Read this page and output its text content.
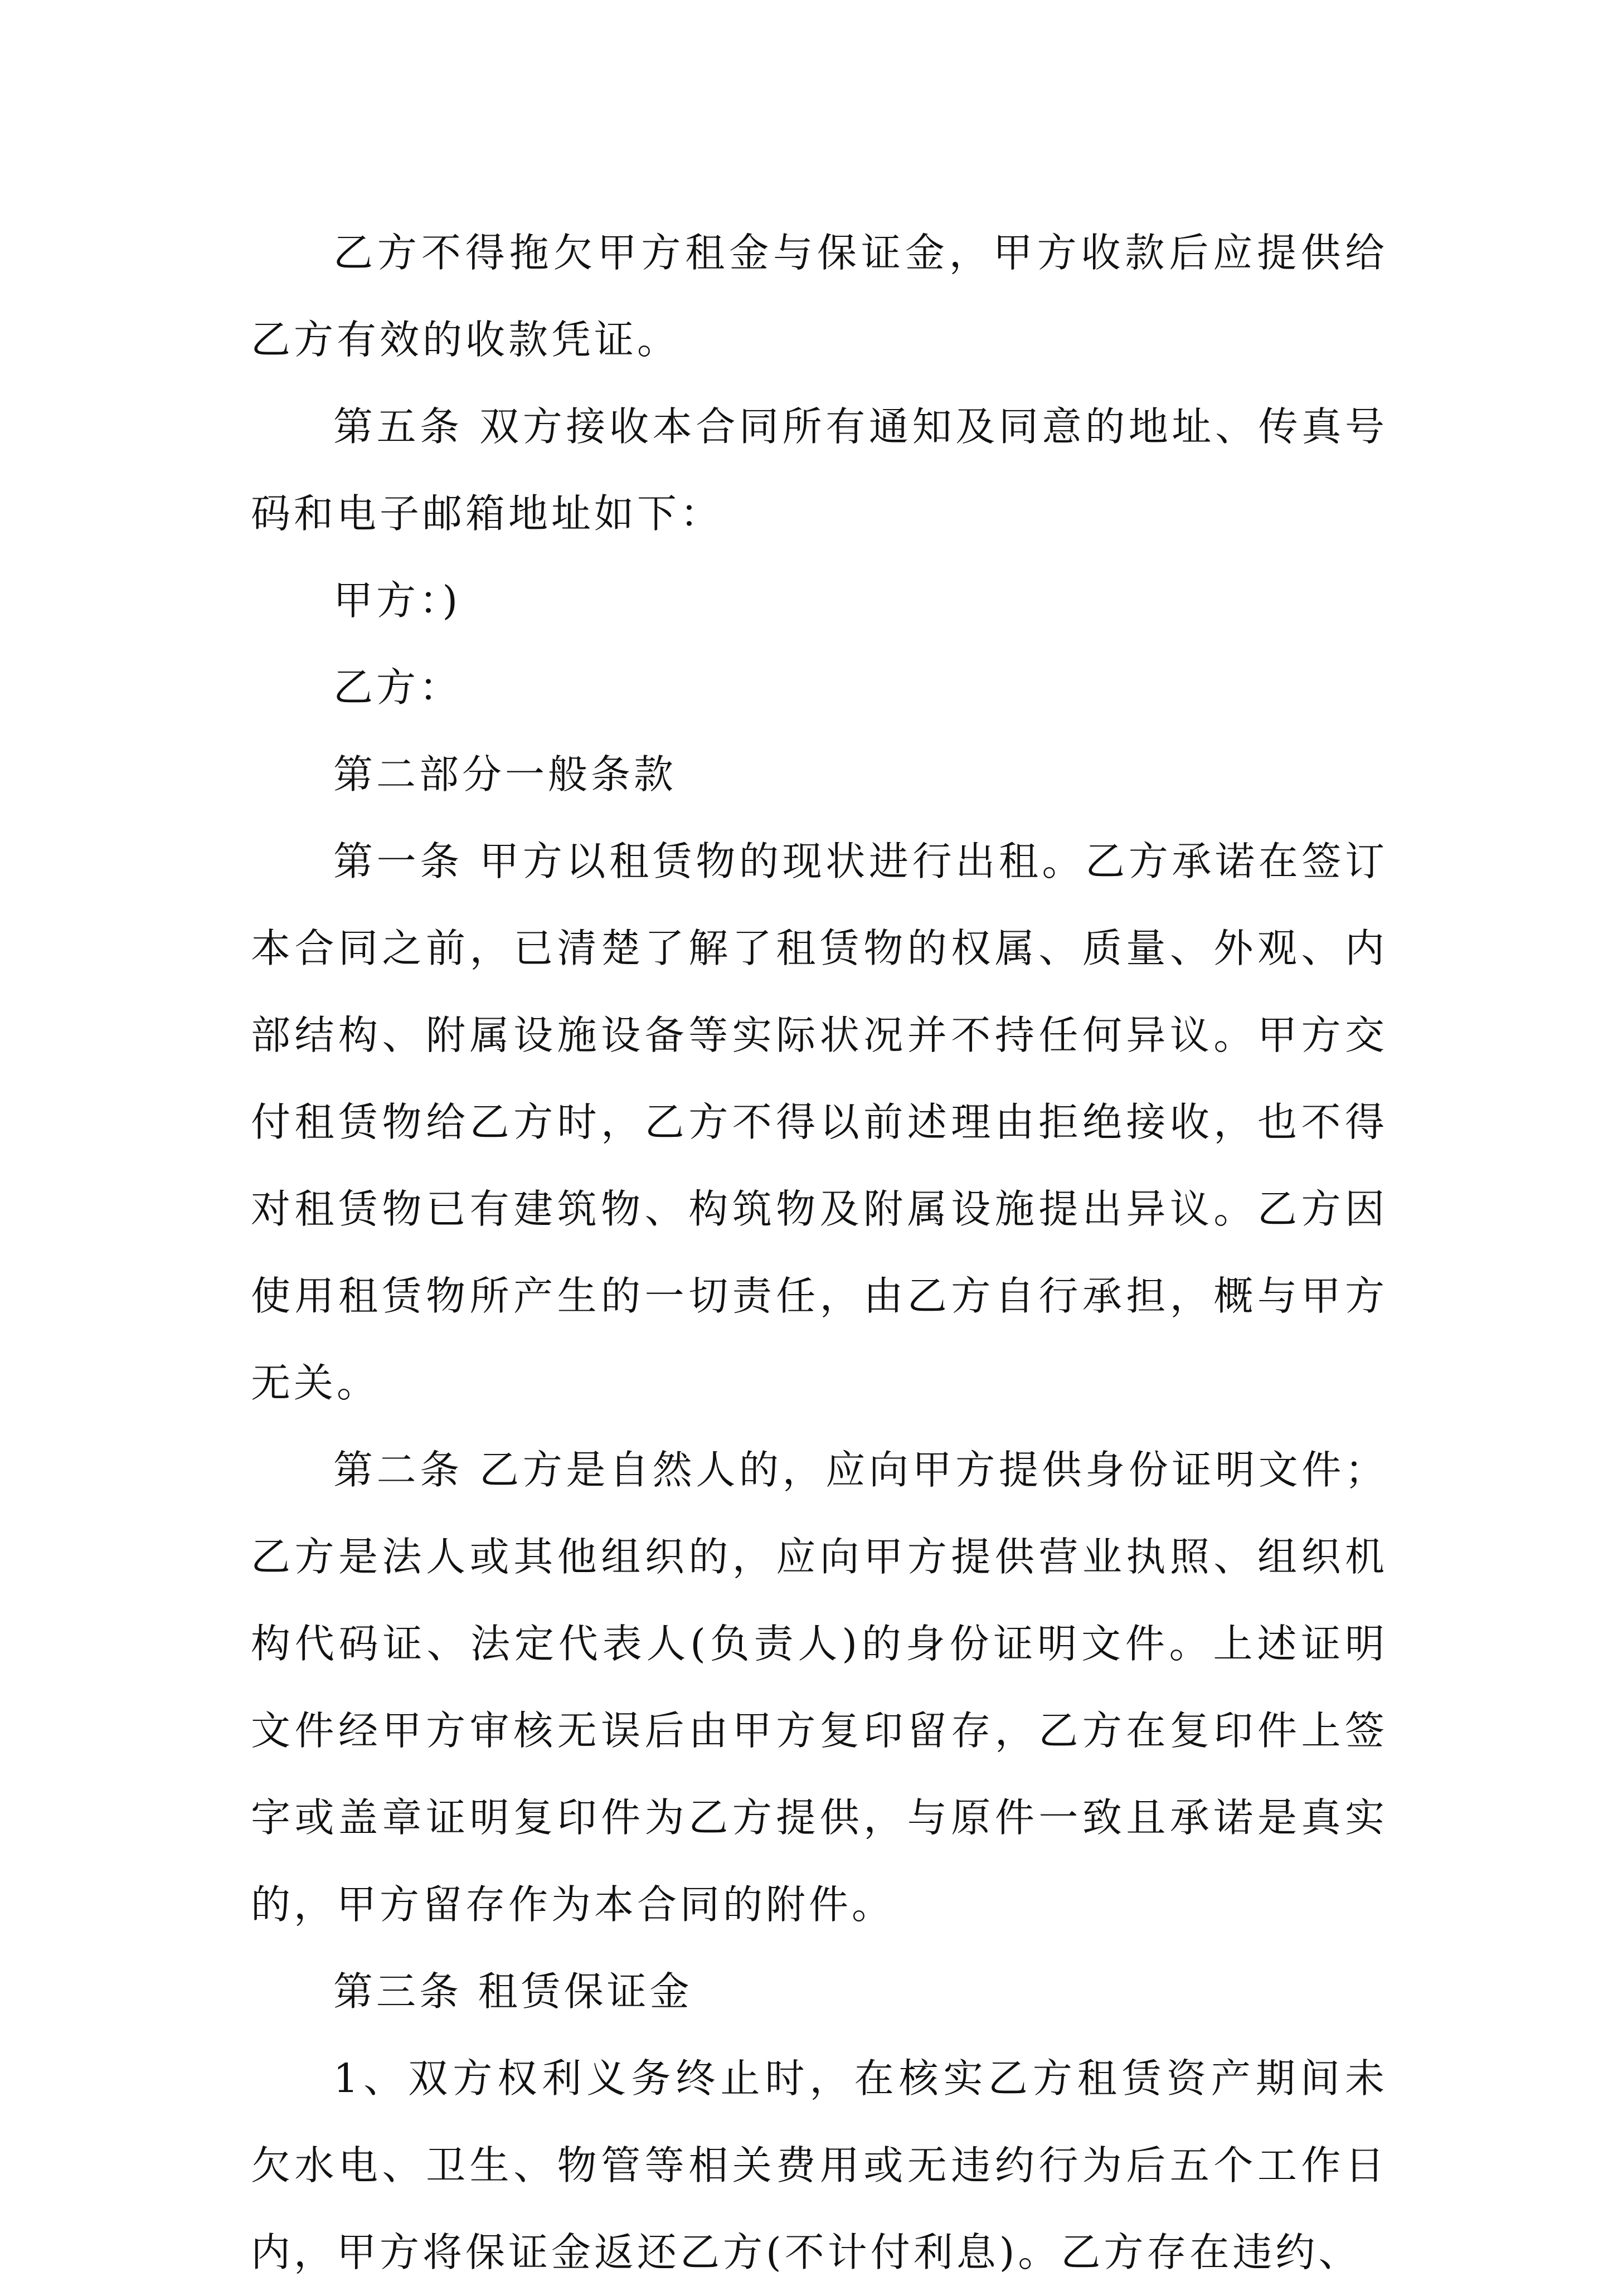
乙方不得拖欠甲方租金与保证金，甲方收款后应提供给乙方有效的收款凭证。

第五条 双方接收本合同所有通知及同意的地址、传真号码和电子邮箱地址如下：

甲方：)

乙方：

第二部分一般条款

第一条 甲方以租赁物的现状进行出租。乙方承诺在签订本合同之前，已清楚了解了租赁物的权属、质量、外观、内部结构、附属设施设备等实际状况并不持任何异议。甲方交付租赁物给乙方时，乙方不得以前述理由拒绝接收，也不得对租赁物已有建筑物、构筑物及附属设施提出异议。乙方因使用租赁物所产生的一切责任，由乙方自行承担，概与甲方无关。

第二条 乙方是自然人的，应向甲方提供身份证明文件；乙方是法人或其他组织的，应向甲方提供营业执照、组织机构代码证、法定代表人(负责人)的身份证明文件。上述证明文件经甲方审核无误后由甲方复印留存，乙方在复印件上签字或盖章证明复印件为乙方提供，与原件一致且承诺是真实的，甲方留存作为本合同的附件。

第三条 租赁保证金

1、双方权利义务终止时，在核实乙方租赁资产期间未欠水电、卫生、物管等相关费用或无违约行为后五个工作日内，甲方将保证金返还乙方(不计付利息)。乙方存在违约、
